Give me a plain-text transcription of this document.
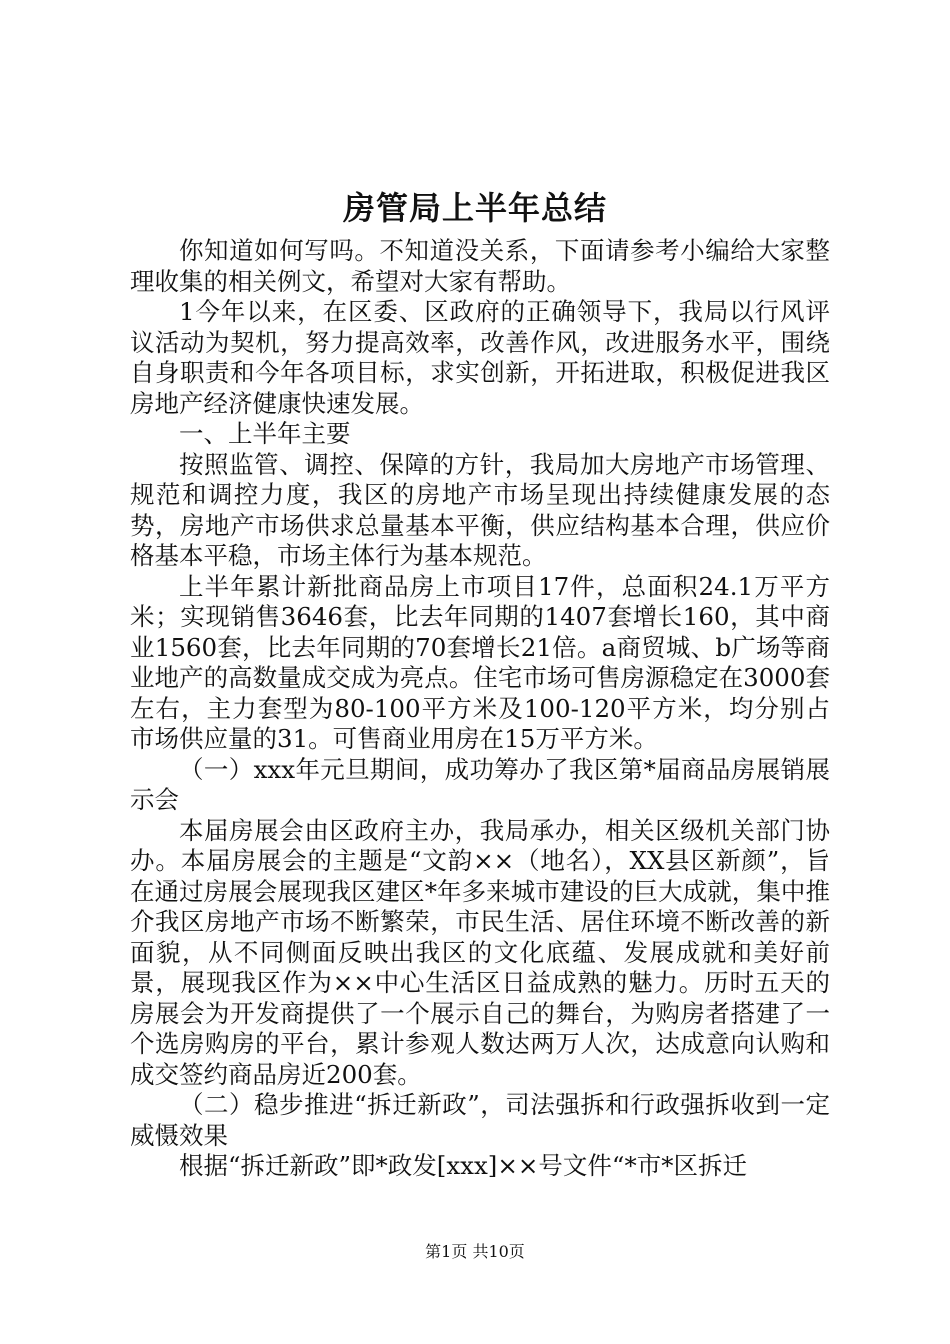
房管局上半年总结

你知道如何写吗。不知道没关系，下面请参考小编给大家整理收集的相关例文，希望对大家有帮助。

1今年以来，在区委、区政府的正确领导下，我局以行风评议活动为契机，努力提高效率，改善作风，改进服务水平，围绕自身职责和今年各项目标，求实创新，开拓进取，积极促进我区房地产经济健康快速发展。

一、上半年主要

按照监管、调控、保障的方针，我局加大房地产市场管理、规范和调控力度，我区的房地产市场呈现出持续健康发展的态势，房地产市场供求总量基本平衡，供应结构基本合理，供应价格基本平稳，市场主体行为基本规范。

上半年累计新批商品房上市项目17件，总面积24.1万平方米；实现销售3646套，比去年同期的1407套增长160，其中商业1560套，比去年同期的70套增长21倍。a商贸城、b广场等商业地产的高数量成交成为亮点。住宅市场可售房源稳定在3000套左右，主力套型为80-100平方米及100-120平方米，均分别占市场供应量的31。可售商业用房在15万平方米。

（一）xxx年元旦期间，成功筹办了我区第*届商品房展销展示会

本届房展会由区政府主办，我局承办，相关区级机关部门协办。本届房展会的主题是“文韵××（地名），XX县区新颜”，旨在通过房展会展现我区建区*年多来城市建设的巨大成就，集中推介我区房地产市场不断繁荣，市民生活、居住环境不断改善的新面貌，从不同侧面反映出我区的文化底蕴、发展成就和美好前景，展现我区作为××中心生活区日益成熟的魅力。历时五天的房展会为开发商提供了一个展示自己的舞台，为购房者搭建了一个选房购房的平台，累计参观人数达两万人次，达成意向认购和成交签约商品房近200套。

（二）稳步推进“拆迁新政”，司法强拆和行政强拆收到一定威慑效果

根据“拆迁新政”即*政发[xxx]××号文件“*市*区拆迁

第1页 共10页
